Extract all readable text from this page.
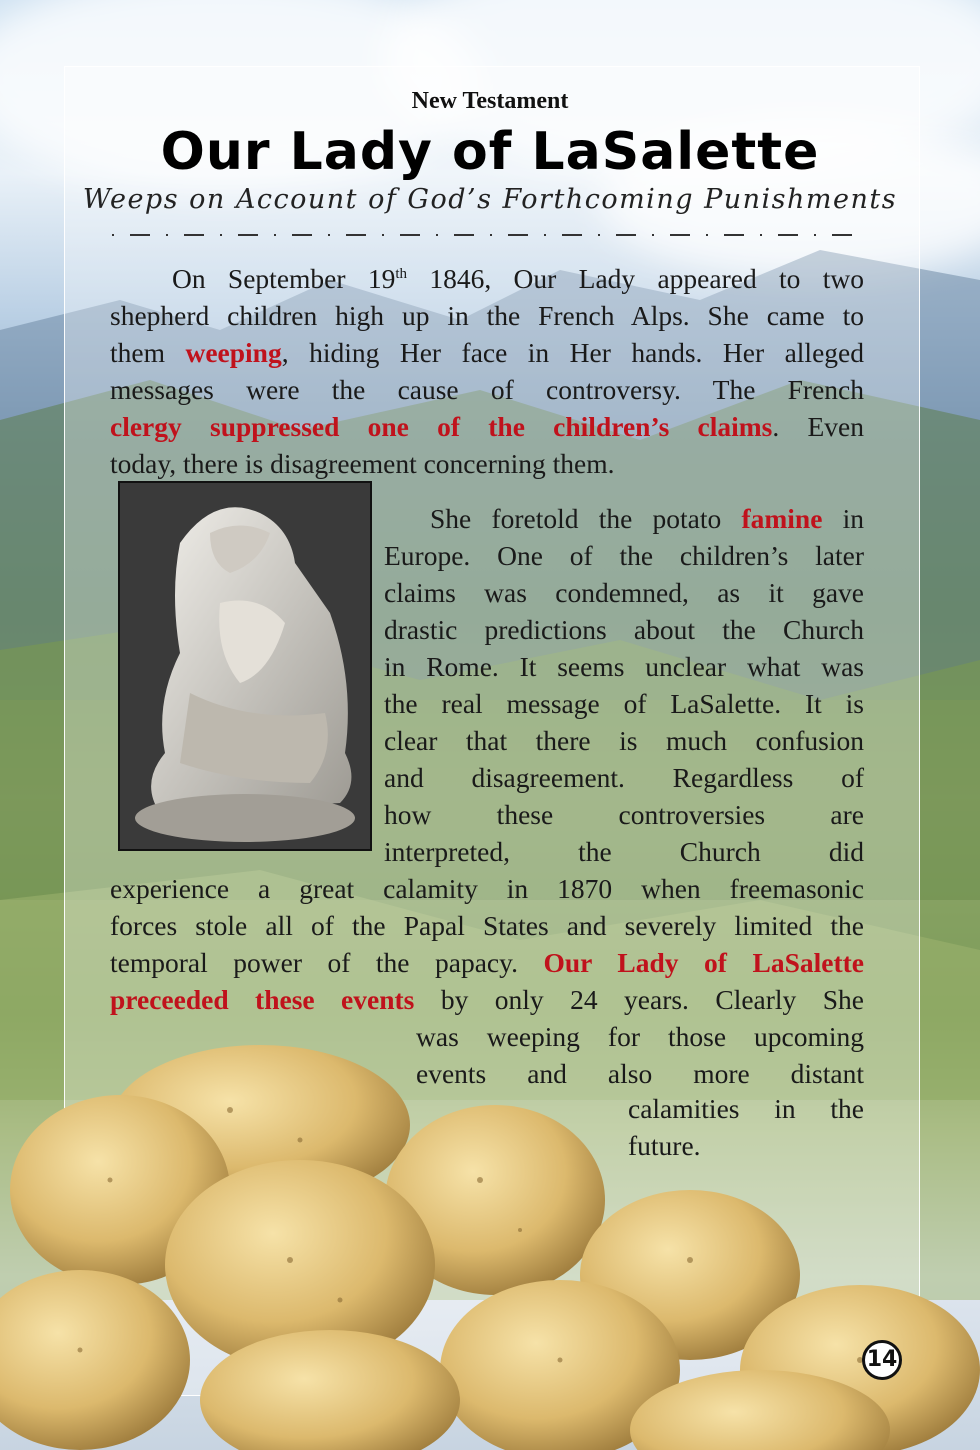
New Testament
Our Lady of LaSalette
Weeps on Account of God’s Forthcoming Punishments
On September 19th 1846, Our Lady appeared to two
shepherd children high up in the French Alps. She came to
them weeping, hiding Her face in Her hands. Her alleged
messages were the cause of controversy. The French
clergy suppressed one of the children’s claims. Even
today, there is disagreement concerning them.
She foretold the potato famine in
Europe. One of the children’s later
claims was condemned, as it gave
drastic predictions about the Church
in Rome. It seems unclear what was
the real message of LaSalette. It is
clear that there is much confusion
and disagreement. Regardless of
how these controversies are
interpreted, the Church did
experience a great calamity in 1870 when freemasonic
forces stole all of the Papal States and severely limited the
temporal power of the papacy. Our Lady of LaSalette
preceeded these events by only 24 years. Clearly She
was weeping for those upcoming
events and also more distant
calamities in the
future.
14
